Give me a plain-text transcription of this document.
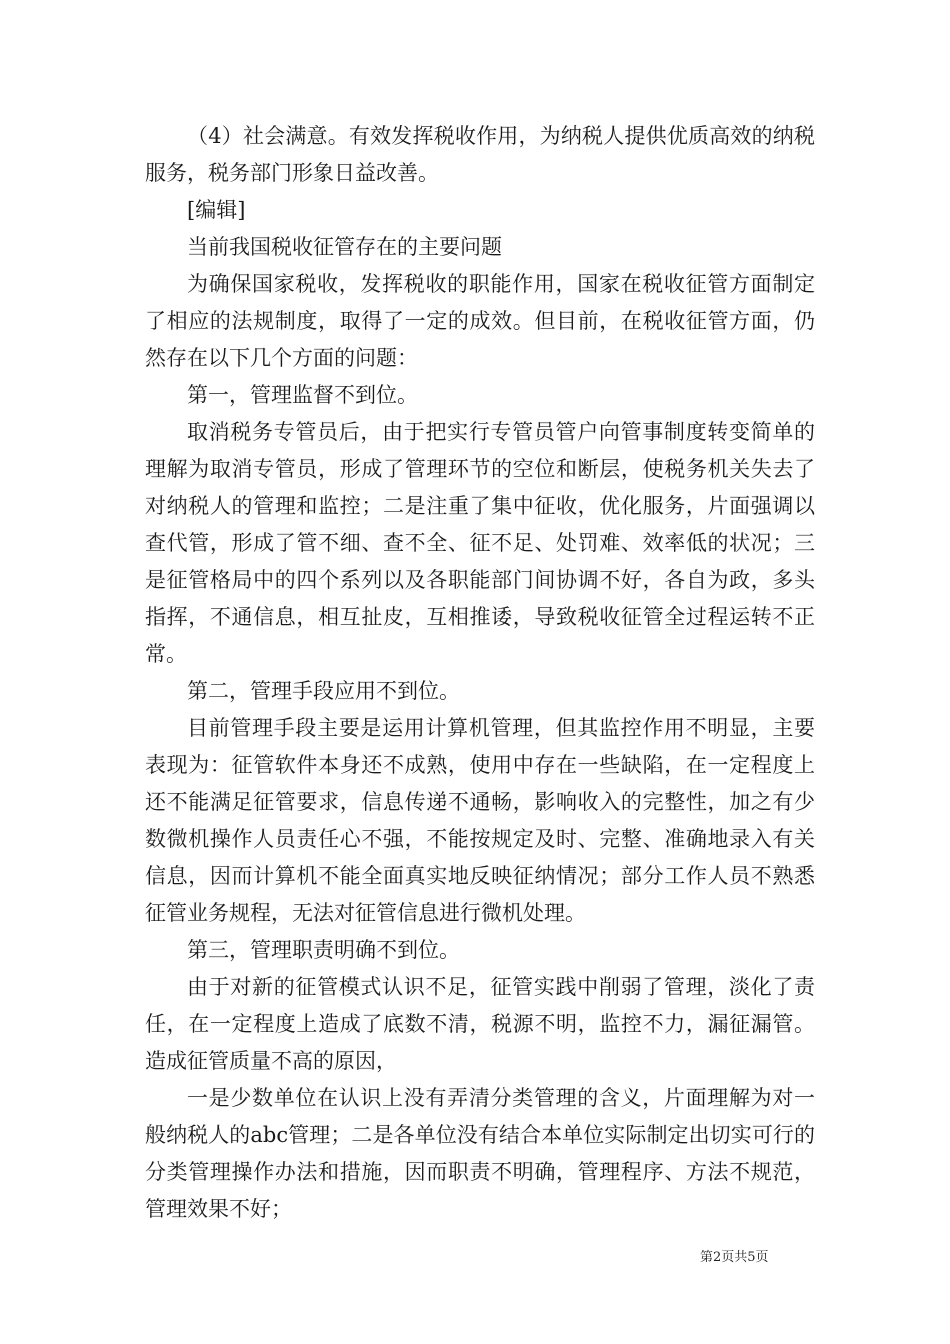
（4）社会满意。有效发挥税收作用，为纳税人提供优质高效的纳税服务，税务部门形象日益改善。

[编辑]

当前我国税收征管存在的主要问题

为确保国家税收，发挥税收的职能作用，国家在税收征管方面制定了相应的法规制度，取得了一定的成效。但目前，在税收征管方面，仍然存在以下几个方面的问题：

第一，管理监督不到位。

取消税务专管员后，由于把实行专管员管户向管事制度转变简单的理解为取消专管员，形成了管理环节的空位和断层，使税务机关失去了对纳税人的管理和监控；二是注重了集中征收，优化服务，片面强调以查代管，形成了管不细、查不全、征不足、处罚难、效率低的状况；三是征管格局中的四个系列以及各职能部门间协调不好，各自为政，多头指挥，不通信息，相互扯皮，互相推诿，导致税收征管全过程运转不正常。

第二，管理手段应用不到位。

目前管理手段主要是运用计算机管理，但其监控作用不明显，主要表现为：征管软件本身还不成熟，使用中存在一些缺陷，在一定程度上还不能满足征管要求，信息传递不通畅，影响收入的完整性，加之有少数微机操作人员责任心不强，不能按规定及时、完整、准确地录入有关信息，因而计算机不能全面真实地反映征纳情况；部分工作人员不熟悉征管业务规程，无法对征管信息进行微机处理。

第三，管理职责明确不到位。

由于对新的征管模式认识不足，征管实践中削弱了管理，淡化了责任，在一定程度上造成了底数不清，税源不明，监控不力，漏征漏管。造成征管质量不高的原因，

一是少数单位在认识上没有弄清分类管理的含义，片面理解为对一般纳税人的abc管理；二是各单位没有结合本单位实际制定出切实可行的分类管理操作办法和措施，因而职责不明确，管理程序、方法不规范，管理效果不好；

第2页共5页
